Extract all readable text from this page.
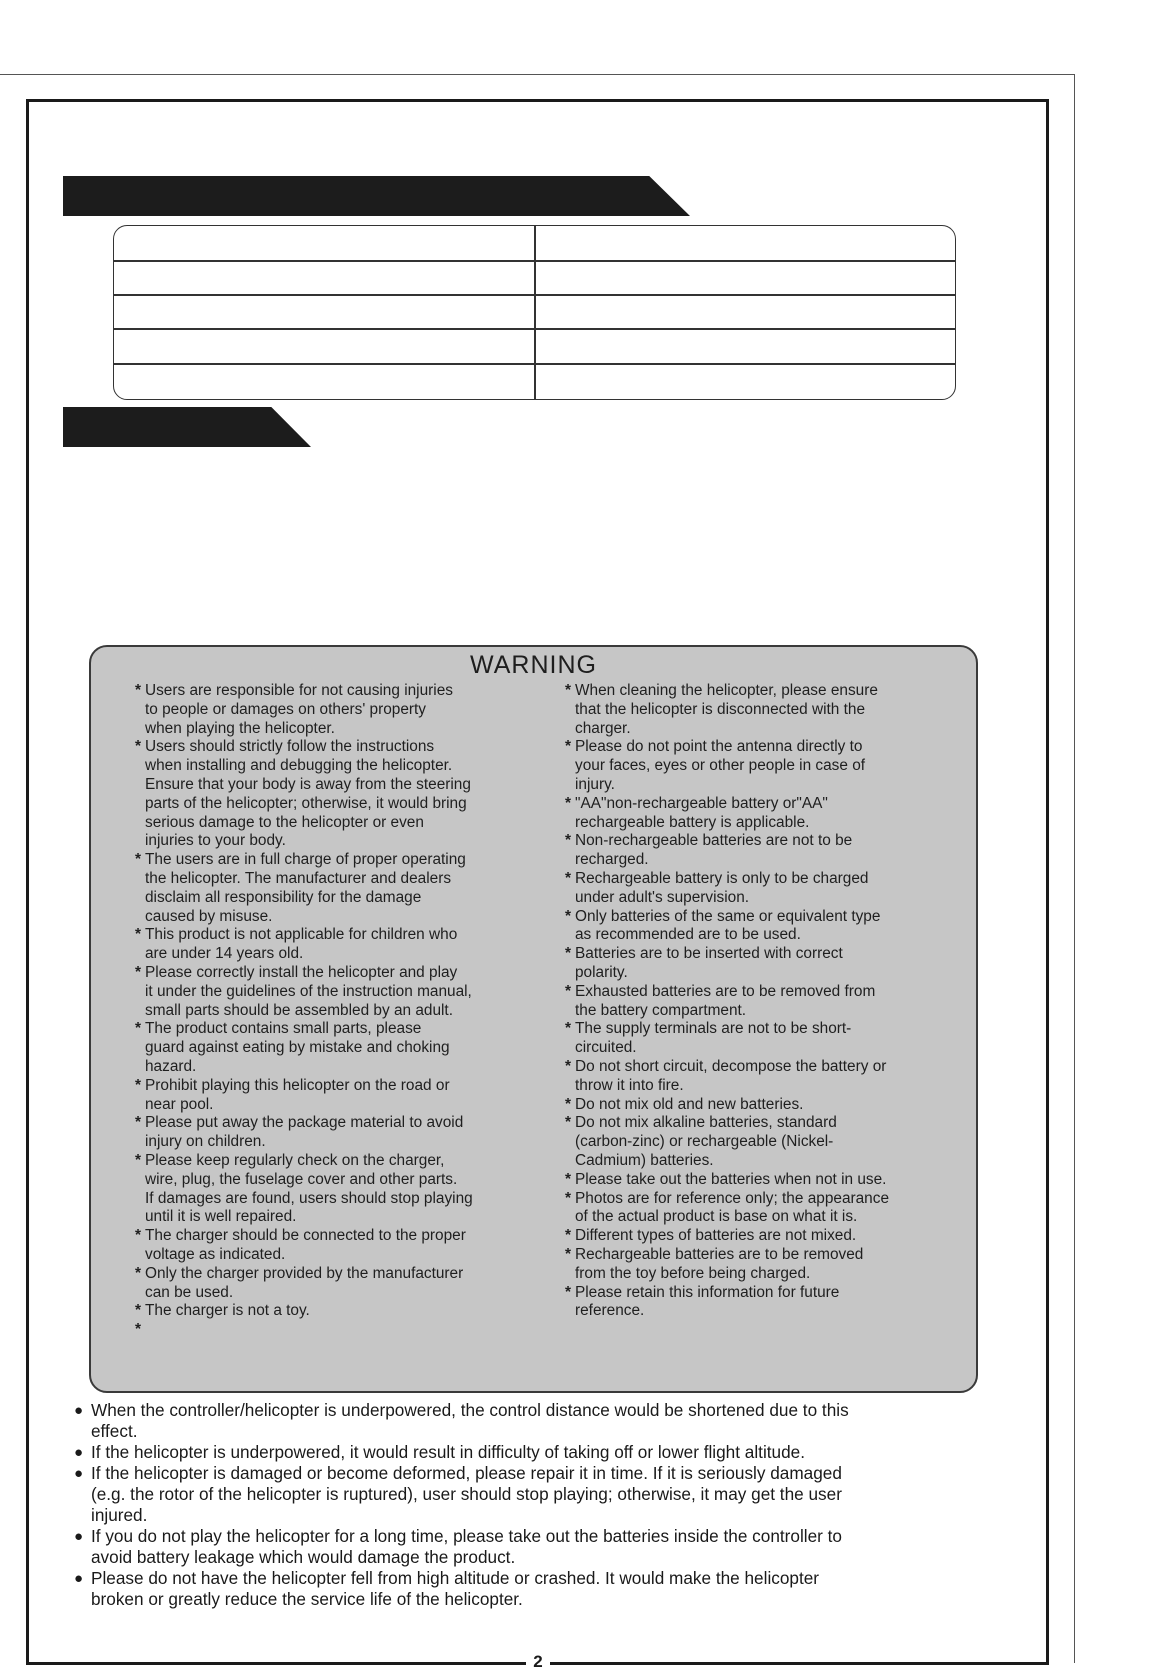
WARNING
* Users are responsible for not causing injuries
to people or damages on others' property
when playing the helicopter.
* Users should strictly follow the instructions
when installing and debugging the helicopter.
Ensure that your body is away from the steering
parts of the helicopter; otherwise, it would bring
serious damage to the helicopter or even
injuries to your body.
* The users are in full charge of proper operating
the helicopter. The manufacturer and dealers
disclaim all responsibility for the damage
caused by misuse.
* This product is not applicable for children who
are under 14 years old.
* Please correctly install the helicopter and play
it under the guidelines of the instruction manual,
small parts should be assembled by an adult.
* The product contains small parts, please
guard against eating by mistake and choking
hazard.
* Prohibit playing this helicopter on the road or
near pool.
* Please put away the package material to avoid
injury on children.
* Please keep regularly check on the charger,
wire, plug, the fuselage cover and other parts.
If damages are found, users should stop playing
until it is well repaired.
* The charger should be connected to the proper
voltage as indicated.
* Only the charger provided by the manufacturer
can be used.
* The charger is not a toy.
*
* When cleaning the helicopter, please ensure
that the helicopter is disconnected with the
charger.
* Please do not point the antenna directly to
your faces, eyes or other people in case of
injury.
* "AA"non-rechargeable battery or"AA"
rechargeable battery is applicable.
* Non-rechargeable batteries are not to be
recharged.
* Rechargeable battery is only to be charged
under adult's supervision.
* Only batteries of the same or equivalent type
as recommended are to be used.
* Batteries are to be inserted with correct
polarity.
* Exhausted batteries are to be removed from
the battery compartment.
* The supply terminals are not to be short-
circuited.
* Do not short circuit, decompose the battery or
throw it into fire.
* Do not mix old and new batteries.
* Do not mix alkaline batteries, standard
(carbon-zinc) or rechargeable (Nickel-
Cadmium) batteries.
* Please take out the batteries when not in use.
* Photos are for reference only; the appearance
of the actual product is base on what it is.
* Different types of batteries are not mixed.
* Rechargeable batteries are to be removed
from the toy before being charged.
* Please retain this information for future
reference.
● When the controller/helicopter is underpowered, the control distance would be shortened due to this
effect.
● If the helicopter is underpowered, it would result in difficulty of taking off or lower flight altitude.
● If the helicopter is damaged or become deformed, please repair it in time. If it is seriously damaged
(e.g. the rotor of the helicopter is ruptured), user should stop playing; otherwise, it may get the user
injured.
● If you do not play the helicopter for a long time, please take out the batteries inside the controller to
avoid battery leakage which would damage the product.
● Please do not have the helicopter fell from high altitude or crashed. It would make the helicopter
broken or greatly reduce the service life of the helicopter.
2
